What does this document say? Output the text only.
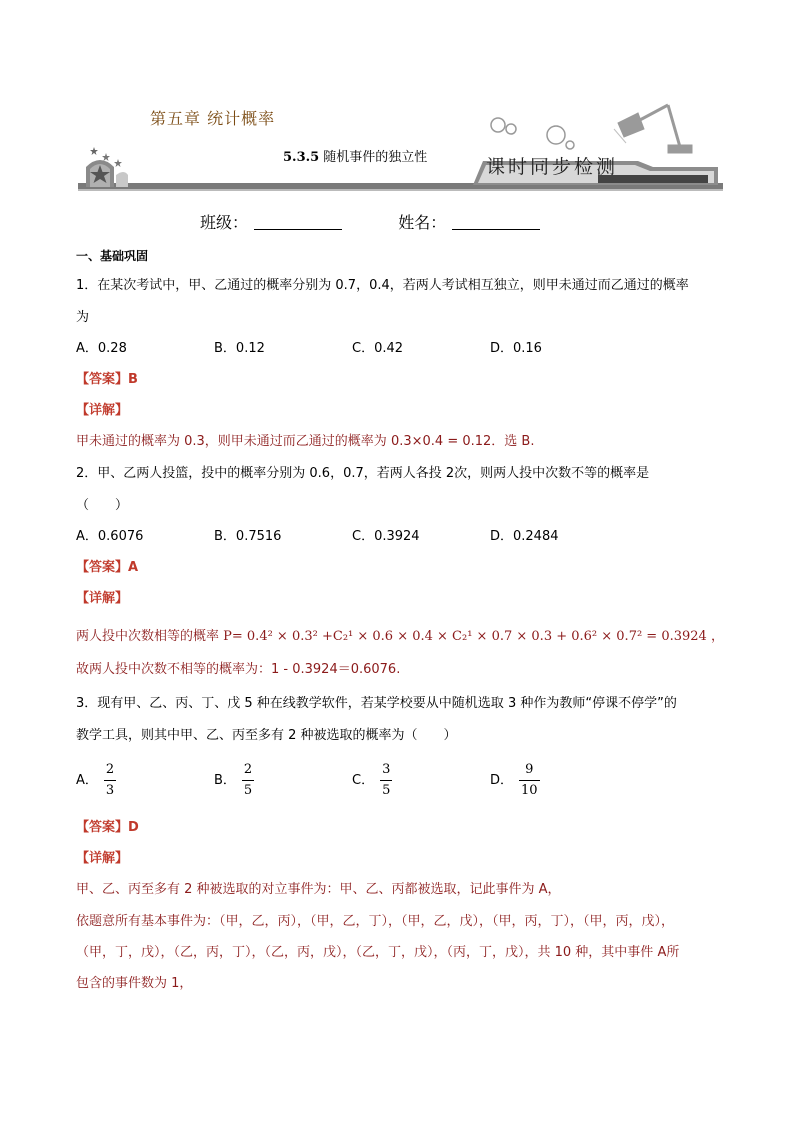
第五章 统计概率
5.3.5 随机事件的独立性	课时同步检测
班级：	姓名：
一、基础巩固
1．在某次考试中，甲、乙通过的概率分别为 0.7，0.4，若两人考试相互独立，则甲未通过而乙通过的概率
为
A．0.28	B．0.12	C．0.42	D．0.16
【答案】B
【详解】
甲未通过的概率为 0.3，则甲未通过而乙通过的概率为 0.3×0.4 = 0.12．选 B.
2．甲、乙两人投篮，投中的概率分别为 0.6，0.7，若两人各投 2次，则两人投中次数不等的概率是
（　　）
A．0.6076	B．0.7516	C．0.3924	D．0.2484
【答案】A
【详解】
两人投中次数相等的概率 P= 0.4² × 0.3² +C₂¹ × 0.6 × 0.4 × C₂¹ × 0.7 × 0.3 + 0.6² × 0.7² = 0.3924 ，
故两人投中次数不相等的概率为：1 - 0.3924＝0.6076.
3．现有甲、乙、丙、丁、戊 5 种在线教学软件，若某学校要从中随机选取 3 种作为教师“停课不停学”的
教学工具，则其中甲、乙、丙至多有 2 种被选取的概率为（　　）
A． $\frac{2}{3}$	B． $\frac{2}{5}$	C． $\frac{3}{5}$	D． $\frac{9}{10}$
【答案】D
【详解】
甲、乙、丙至多有 2 种被选取的对立事件为：甲、乙、丙都被选取，记此事件为 A，
依题意所有基本事件为：（甲，乙，丙），（甲，乙，丁），（甲，乙，戊），（甲，丙，丁），（甲，丙，戊），
（甲，丁，戊），（乙，丙，丁），（乙，丙，戊），（乙，丁，戊），（丙，丁，戊），共 10 种，其中事件 A所
包含的事件数为 1，
